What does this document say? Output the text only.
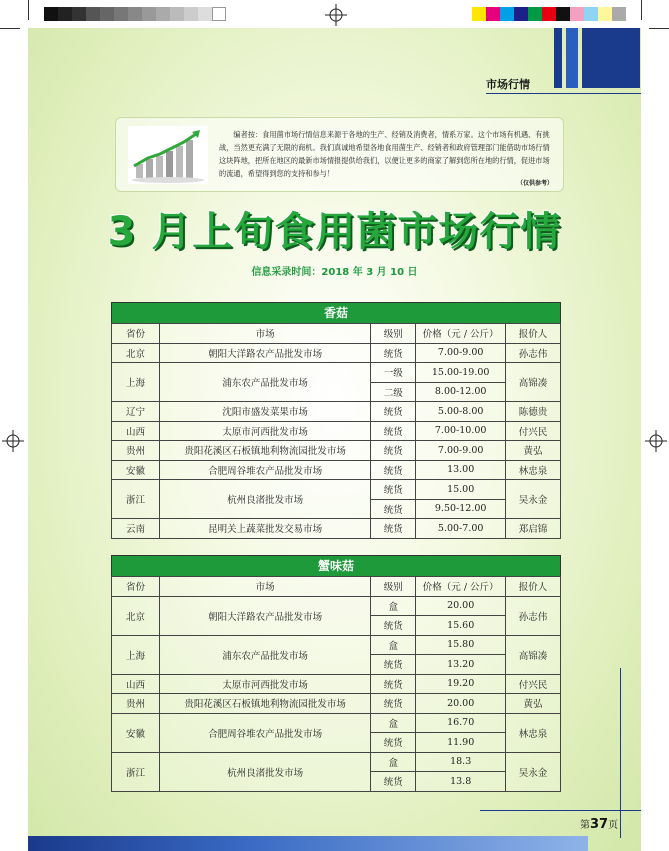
市场行情
编者按：食用菌市场行情信息来源于各地的生产、经销及消费者，情系万家。这个市场有机遇、有挑战，当然更充满了无限的商机。我们真诚地希望各地食用菌生产、经销者和政府管理部门能借助市场行情这块阵地，把所在地区的最新市场情报提供给我们，以便让更多的商家了解到您所在地的行情，促进市场的流通，希望得到您的支持和参与！
（仅供参考）
3 月上旬食用菌市场行情
信息采录时间：2018 年 3 月 10 日
香菇
省份	市场	级别	价格（元 / 公斤）	报价人
北京	朝阳大洋路农产品批发市场	统货	7.00-9.00	孙志伟
上海	浦东农产品批发市场	一级	15.00-19.00	高锦凑
		二级	8.00-12.00	
辽宁	沈阳市盛发菜果市场	统货	5.00-8.00	陈德贵
山西	太原市河西批发市场	统货	7.00-10.00	付兴民
贵州	贵阳花溪区石板镇地利物流园批发市场	统货	7.00-9.00	黄弘
安徽	合肥周谷堆农产品批发市场	统货	13.00	林忠泉
浙江	杭州良渚批发市场	统货	15.00	吴永金
		统货	9.50-12.00	
云南	昆明关上蔬菜批发交易市场	统货	5.00-7.00	郑启锦
蟹味菇
省份	市场	级别	价格（元 / 公斤）	报价人
北京	朝阳大洋路农产品批发市场	盒	20.00	孙志伟
		统货	15.60	
上海	浦东农产品批发市场	盒	15.80	高锦凑
		统货	13.20	
山西	太原市河西批发市场	统货	19.20	付兴民
贵州	贵阳花溪区石板镇地利物流园批发市场	统货	20.00	黄弘
安徽	合肥周谷堆农产品批发市场	盒	16.70	林忠泉
		统货	11.90	
浙江	杭州良渚批发市场	盒	18.3	吴永金
		统货	13.8	
第37页
